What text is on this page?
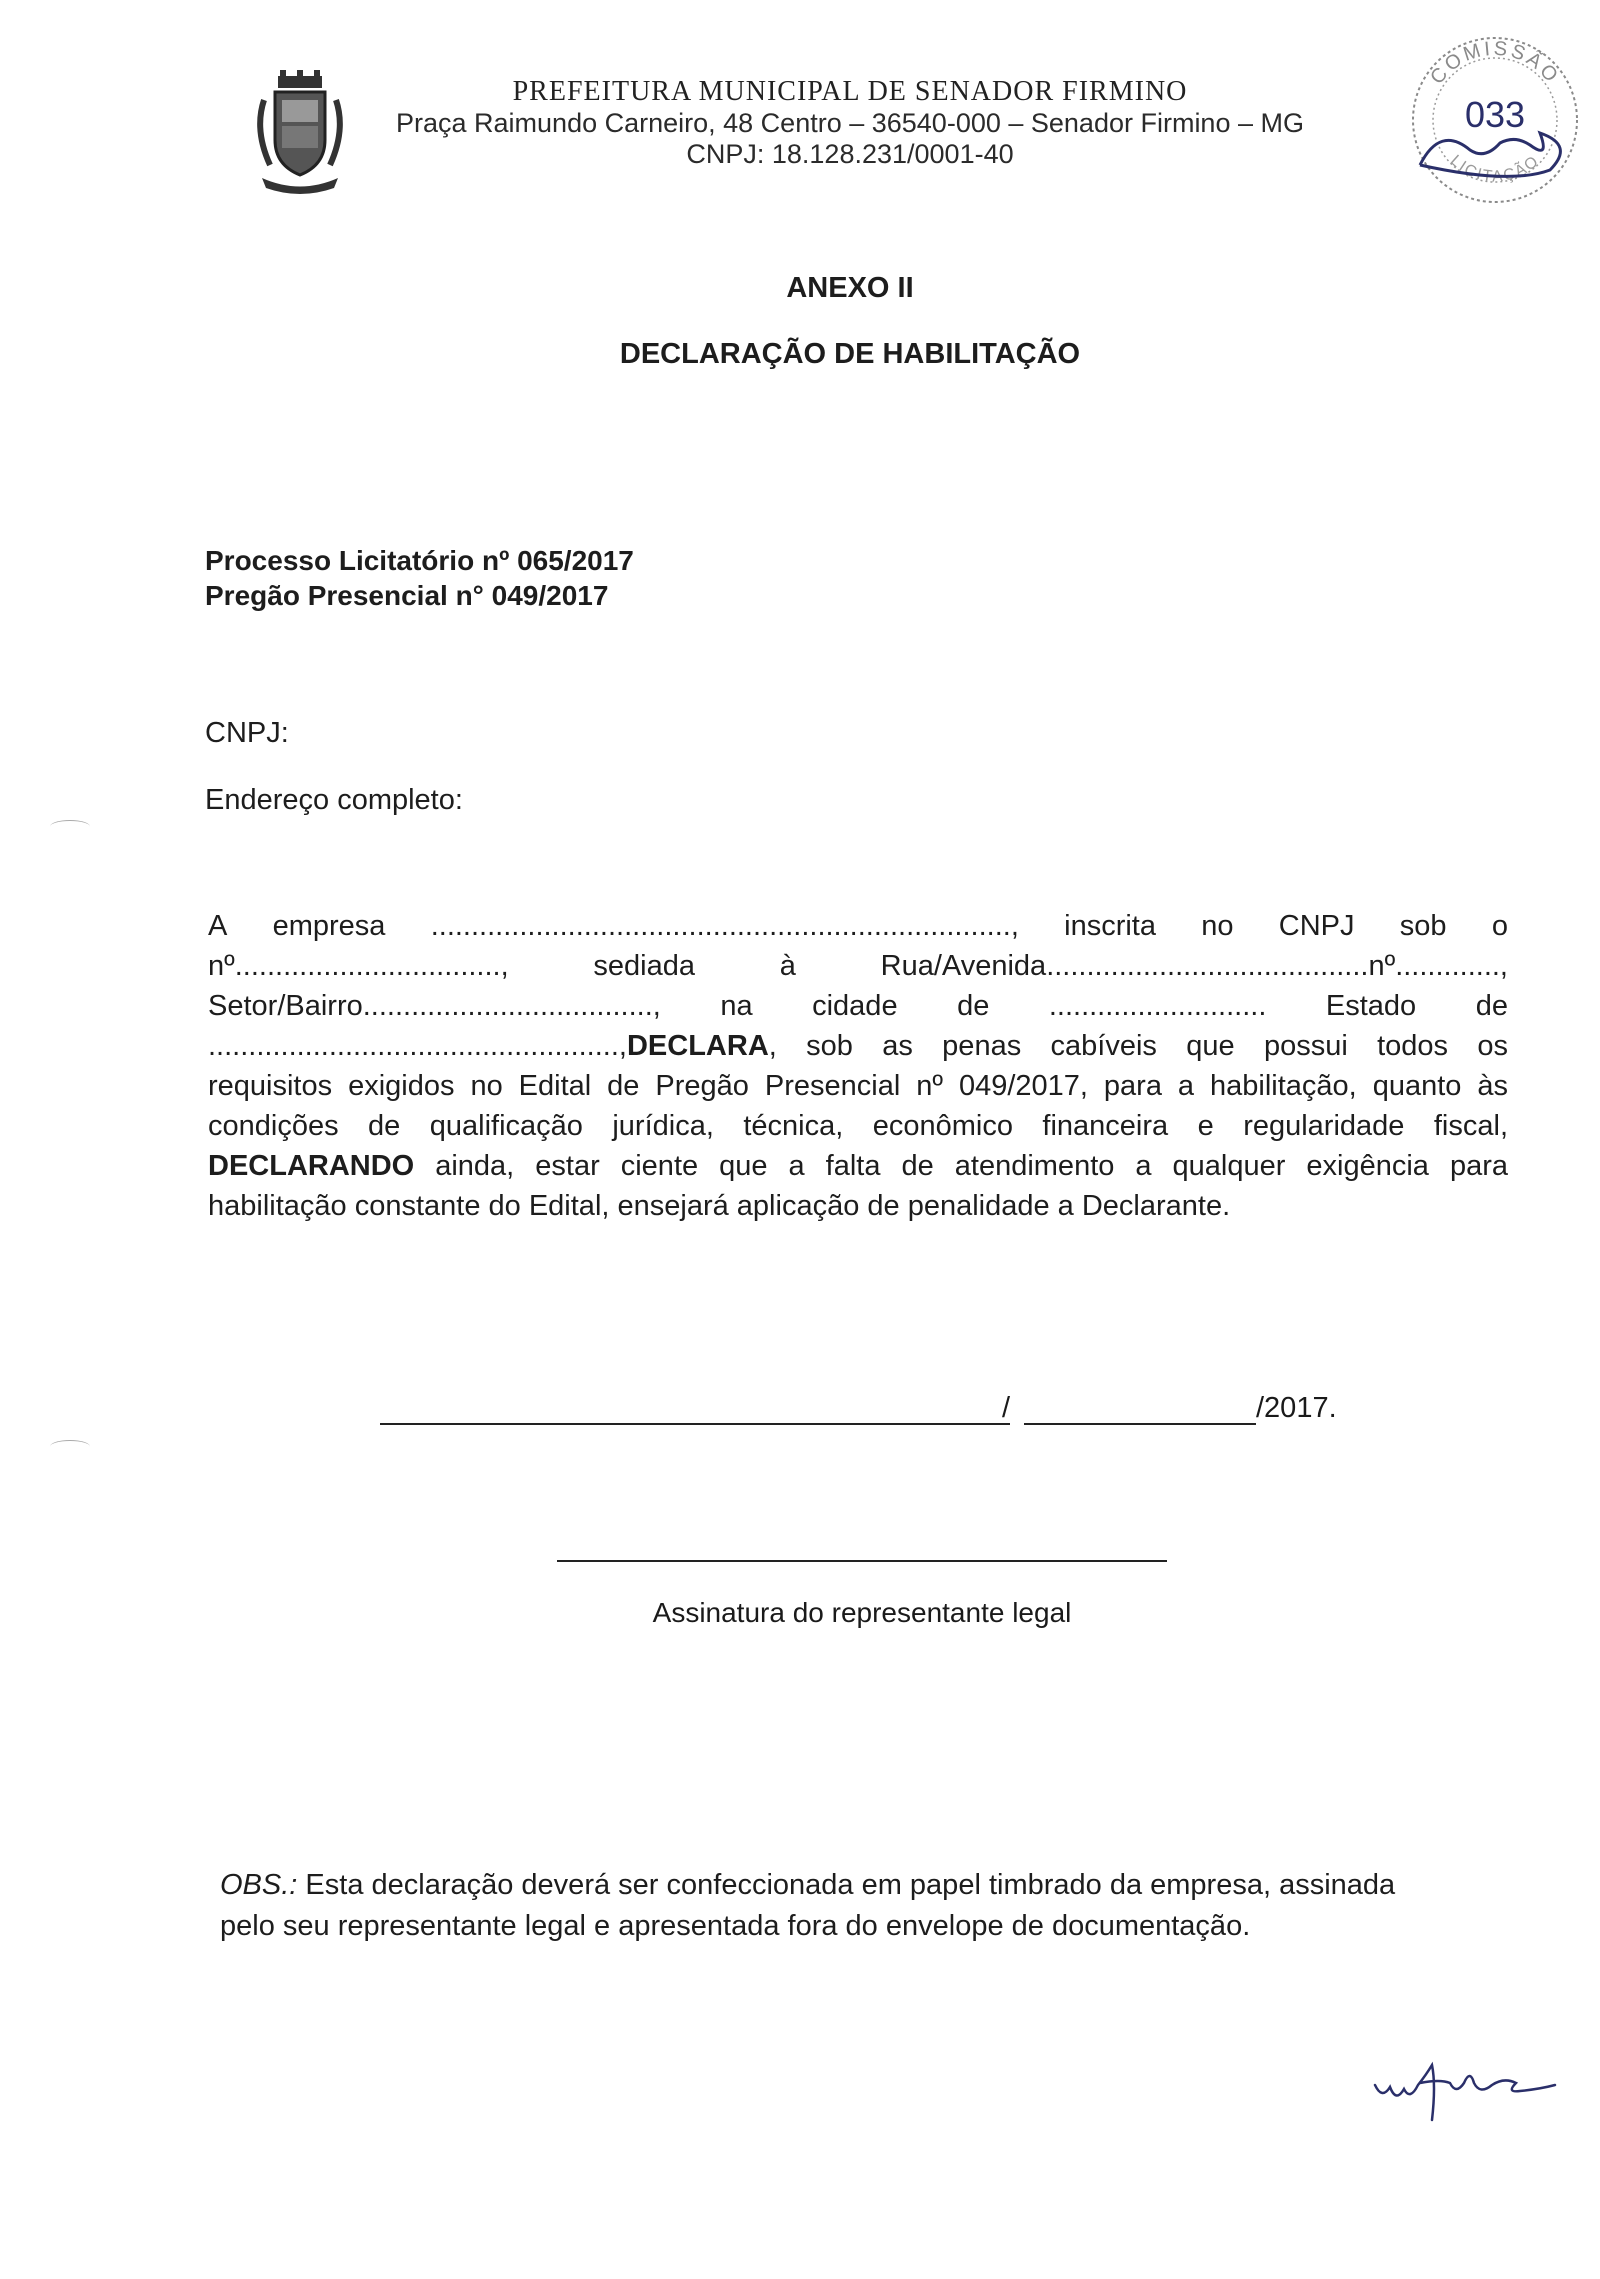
PREFEITURA MUNICIPAL DE SENADOR FIRMINO
Praça Raimundo Carneiro, 48 Centro – 36540-000 – Senador Firmino – MG
CNPJ: 18.128.231/0001-40
COMISSÃO
033
LICITAÇÃO
ANEXO II
DECLARAÇÃO DE HABILITAÇÃO
Processo Licitatório nº 065/2017
Pregão Presencial n° 049/2017
CNPJ:
Endereço completo:
A empresa ........................................................................, inscrita no CNPJ sob o
nº.................................,	sediada	à	Rua/Avenida........................................nº.............,
Setor/Bairro...................................., na cidade de ........................... Estado de
...................................................,DECLARA, sob as penas cabíveis que possui todos os
requisitos exigidos no Edital de Pregão Presencial nº 049/2017, para a habilitação, quanto às
condições de qualificação jurídica, técnica, econômico financeira e regularidade fiscal,
DECLARANDO ainda, estar ciente que a falta de atendimento a qualquer exigência para
habilitação constante do Edital, ensejará aplicação de penalidade a Declarante.
/	/2017.
Assinatura do representante legal
OBS.: Esta declaração deverá ser confeccionada em papel timbrado da empresa, assinada
pelo seu representante legal e apresentada fora do envelope de documentação.
